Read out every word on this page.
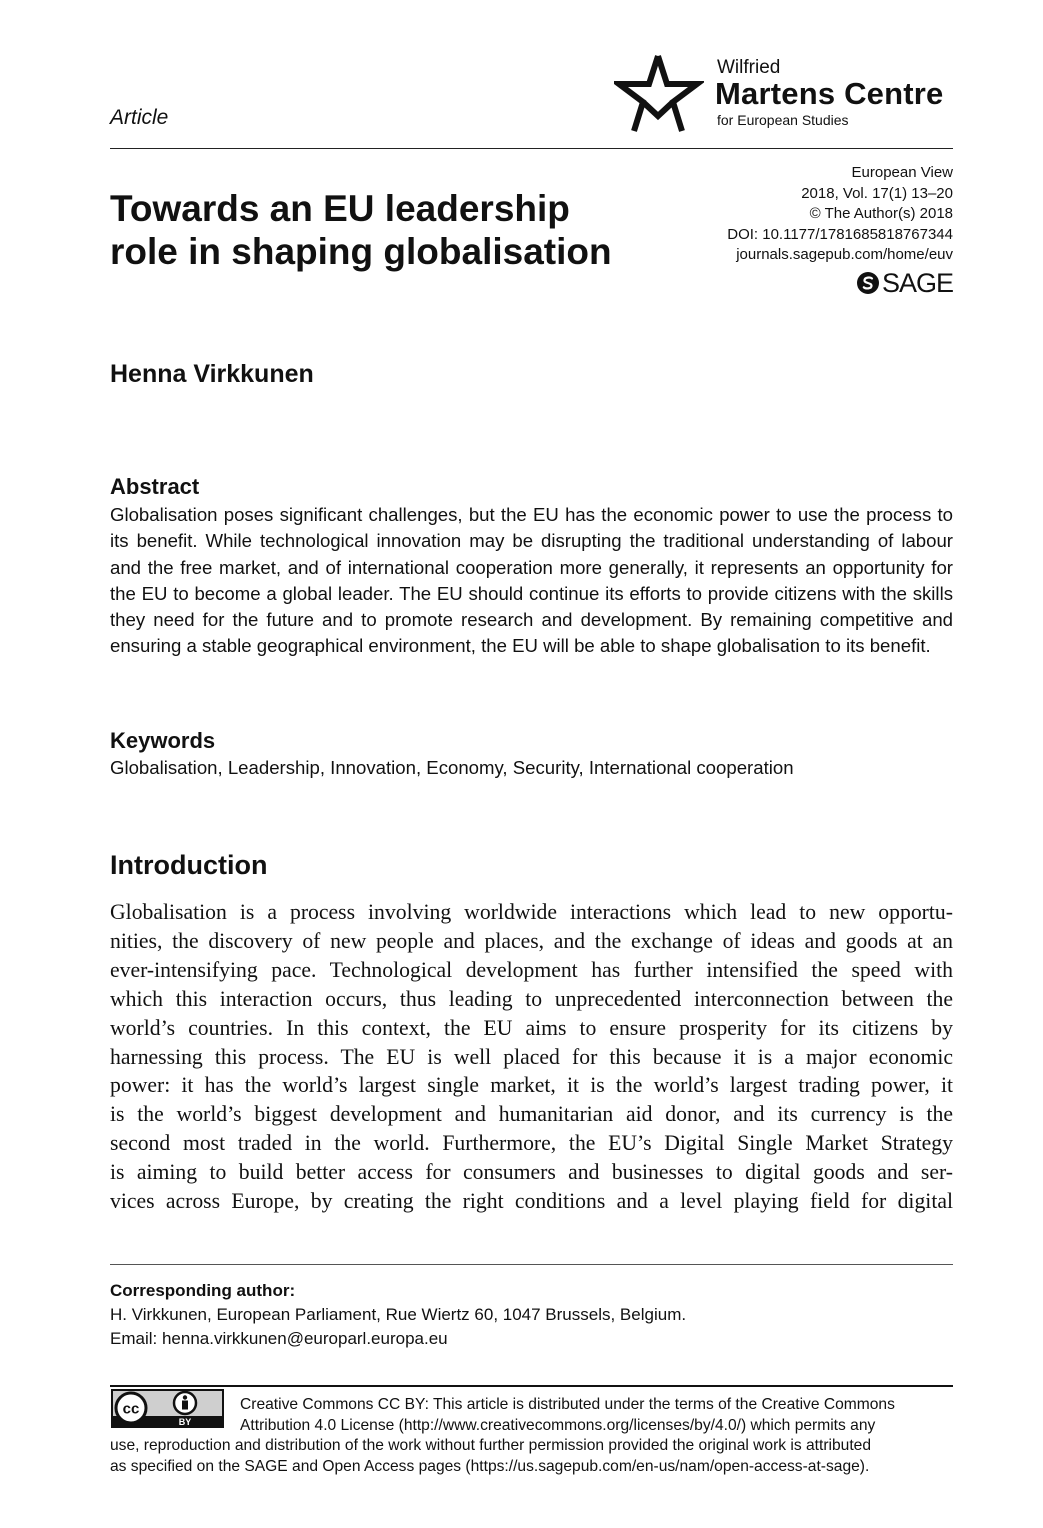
Article
Wilfried
Martens Centre
for European Studies
Towards an EU leadership
role in shaping globalisation
European View
2018, Vol. 17(1) 13–20
© The Author(s) 2018
DOI: 10.1177/1781685818767344
journals.sagepub.com/home/euv
SAGE
Henna Virkkunen
Abstract
Globalisation poses significant challenges, but the EU has the economic power to use the process to its benefit. While technological innovation may be disrupting the traditional understanding of labour and the free market, and of international cooperation more generally, it represents an opportunity for the EU to become a global leader. The EU should continue its efforts to provide citizens with the skills they need for the future and to promote research and development. By remaining competitive and ensuring a stable geographical environment, the EU will be able to shape globalisation to its benefit.
Keywords
Globalisation, Leadership, Innovation, Economy, Security, International cooperation
Introduction
Globalisation is a process involving worldwide interactions which lead to new opportu-
nities, the discovery of new people and places, and the exchange of ideas and goods at an
ever-intensifying pace. Technological development has further intensified the speed with
which this interaction occurs, thus leading to unprecedented interconnection between the
world’s countries. In this context, the EU aims to ensure prosperity for its citizens by
harnessing this process. The EU is well placed for this because it is a major economic
power: it has the world’s largest single market, it is the world’s largest trading power, it
is the world’s biggest development and humanitarian aid donor, and its currency is the
second most traded in the world. Furthermore, the EU’s Digital Single Market Strategy
is aiming to build better access for consumers and businesses to digital goods and ser-
vices across Europe, by creating the right conditions and a level playing field for digital
Corresponding author:
H. Virkkunen, European Parliament, Rue Wiertz 60, 1047 Brussels, Belgium.
Email: henna.virkkunen@europarl.europa.eu
cc
BY
Creative Commons CC BY: This article is distributed under the terms of the Creative Commons
Attribution 4.0 License (http://www.creativecommons.org/licenses/by/4.0/) which permits any
use, reproduction and distribution of the work without further permission provided the original work is attributed
as specified on the SAGE and Open Access pages (https://us.sagepub.com/en-us/nam/open-access-at-sage).
